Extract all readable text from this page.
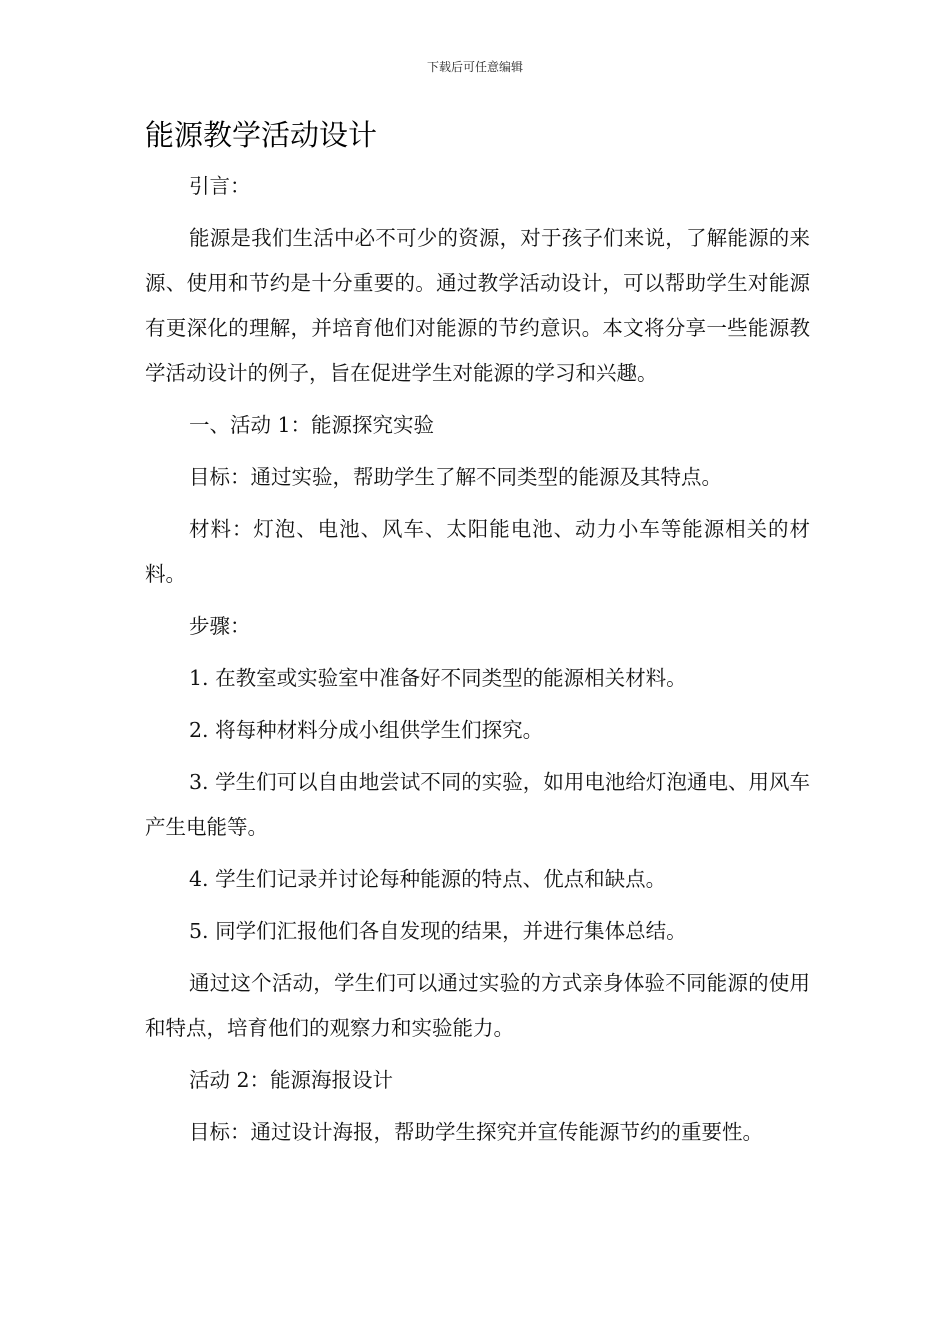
下载后可任意编辑
能源教学活动设计

引言：

能源是我们生活中必不可少的资源，对于孩子们来说，了解能源的来源、使用和节约是十分重要的。通过教学活动设计，可以帮助学生对能源有更深化的理解，并培育他们对能源的节约意识。本文将分享一些能源教学活动设计的例子，旨在促进学生对能源的学习和兴趣。

一、活动 1：能源探究实验

目标：通过实验，帮助学生了解不同类型的能源及其特点。

材料：灯泡、电池、风车、太阳能电池、动力小车等能源相关的材料。

步骤：

1. 在教室或实验室中准备好不同类型的能源相关材料。

2. 将每种材料分成小组供学生们探究。

3. 学生们可以自由地尝试不同的实验，如用电池给灯泡通电、用风车产生电能等。

4. 学生们记录并讨论每种能源的特点、优点和缺点。

5. 同学们汇报他们各自发现的结果，并进行集体总结。

通过这个活动，学生们可以通过实验的方式亲身体验不同能源的使用和特点，培育他们的观察力和实验能力。

活动 2：能源海报设计

目标：通过设计海报，帮助学生探究并宣传能源节约的重要性。
